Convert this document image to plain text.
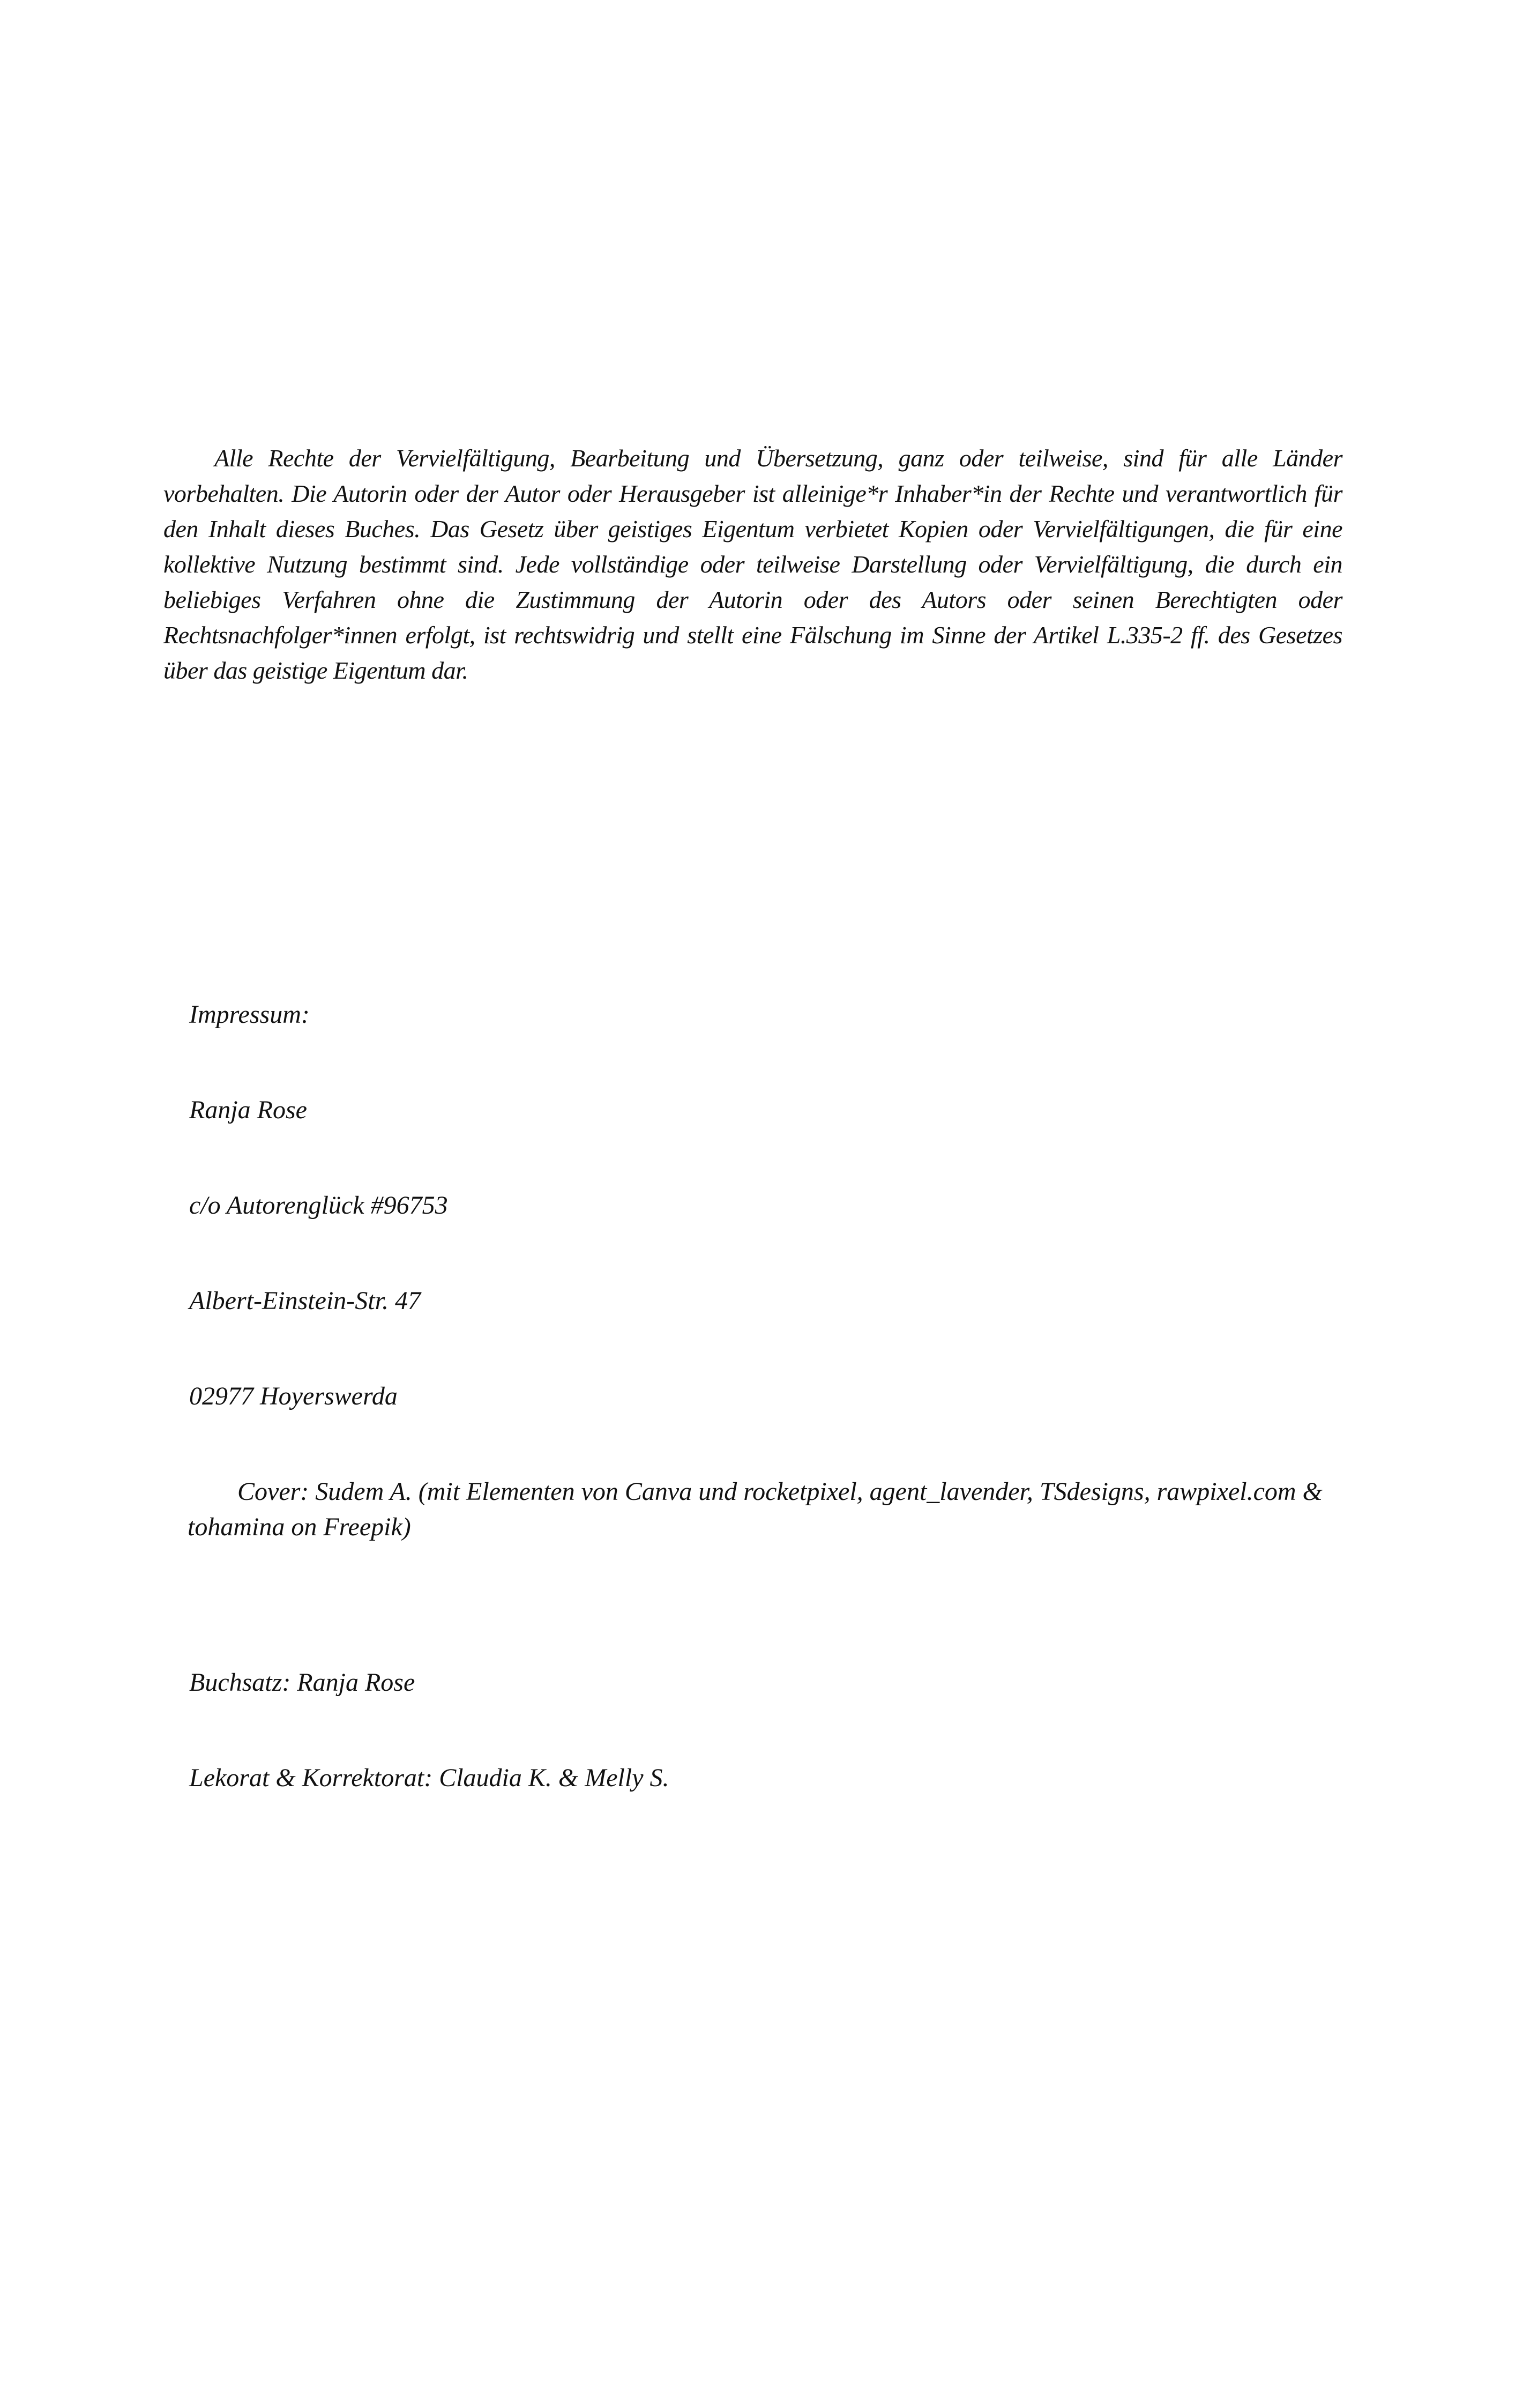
Alle Rechte der Vervielfältigung, Bearbeitung und Übersetzung, ganz oder teilweise, sind für alle Länder vorbehalten. Die Autorin oder der Autor oder Herausgeber ist alleinige*r Inhaber*in der Rechte und verantwortlich für den Inhalt dieses Buches. Das Gesetz über geistiges Eigentum verbietet Kopien oder Vervielfältigungen, die für eine kollektive Nutzung bestimmt sind. Jede vollständige oder teilweise Darstellung oder Vervielfältigung, die durch ein beliebiges Verfahren ohne die Zustimmung der Autorin oder des Autors oder seinen Berechtigten oder Rechtsnachfolger*innen erfolgt, ist rechtswidrig und stellt eine Fälschung im Sinne der Artikel L.335-2 ff. des Gesetzes über das geistige Eigentum dar.

Impressum:
Ranja Rose
c/o Autorenglück #96753
Albert-Einstein-Str. 47
02977 Hoyerswerda
Cover: Sudem A. (mit Elementen von Canva und rocketpixel, agent_lavender, TSdesigns, rawpixel.com & tohamina on Freepik)
Buchsatz: Ranja Rose
Lekorat & Korrektorat: Claudia K. & Melly S.
